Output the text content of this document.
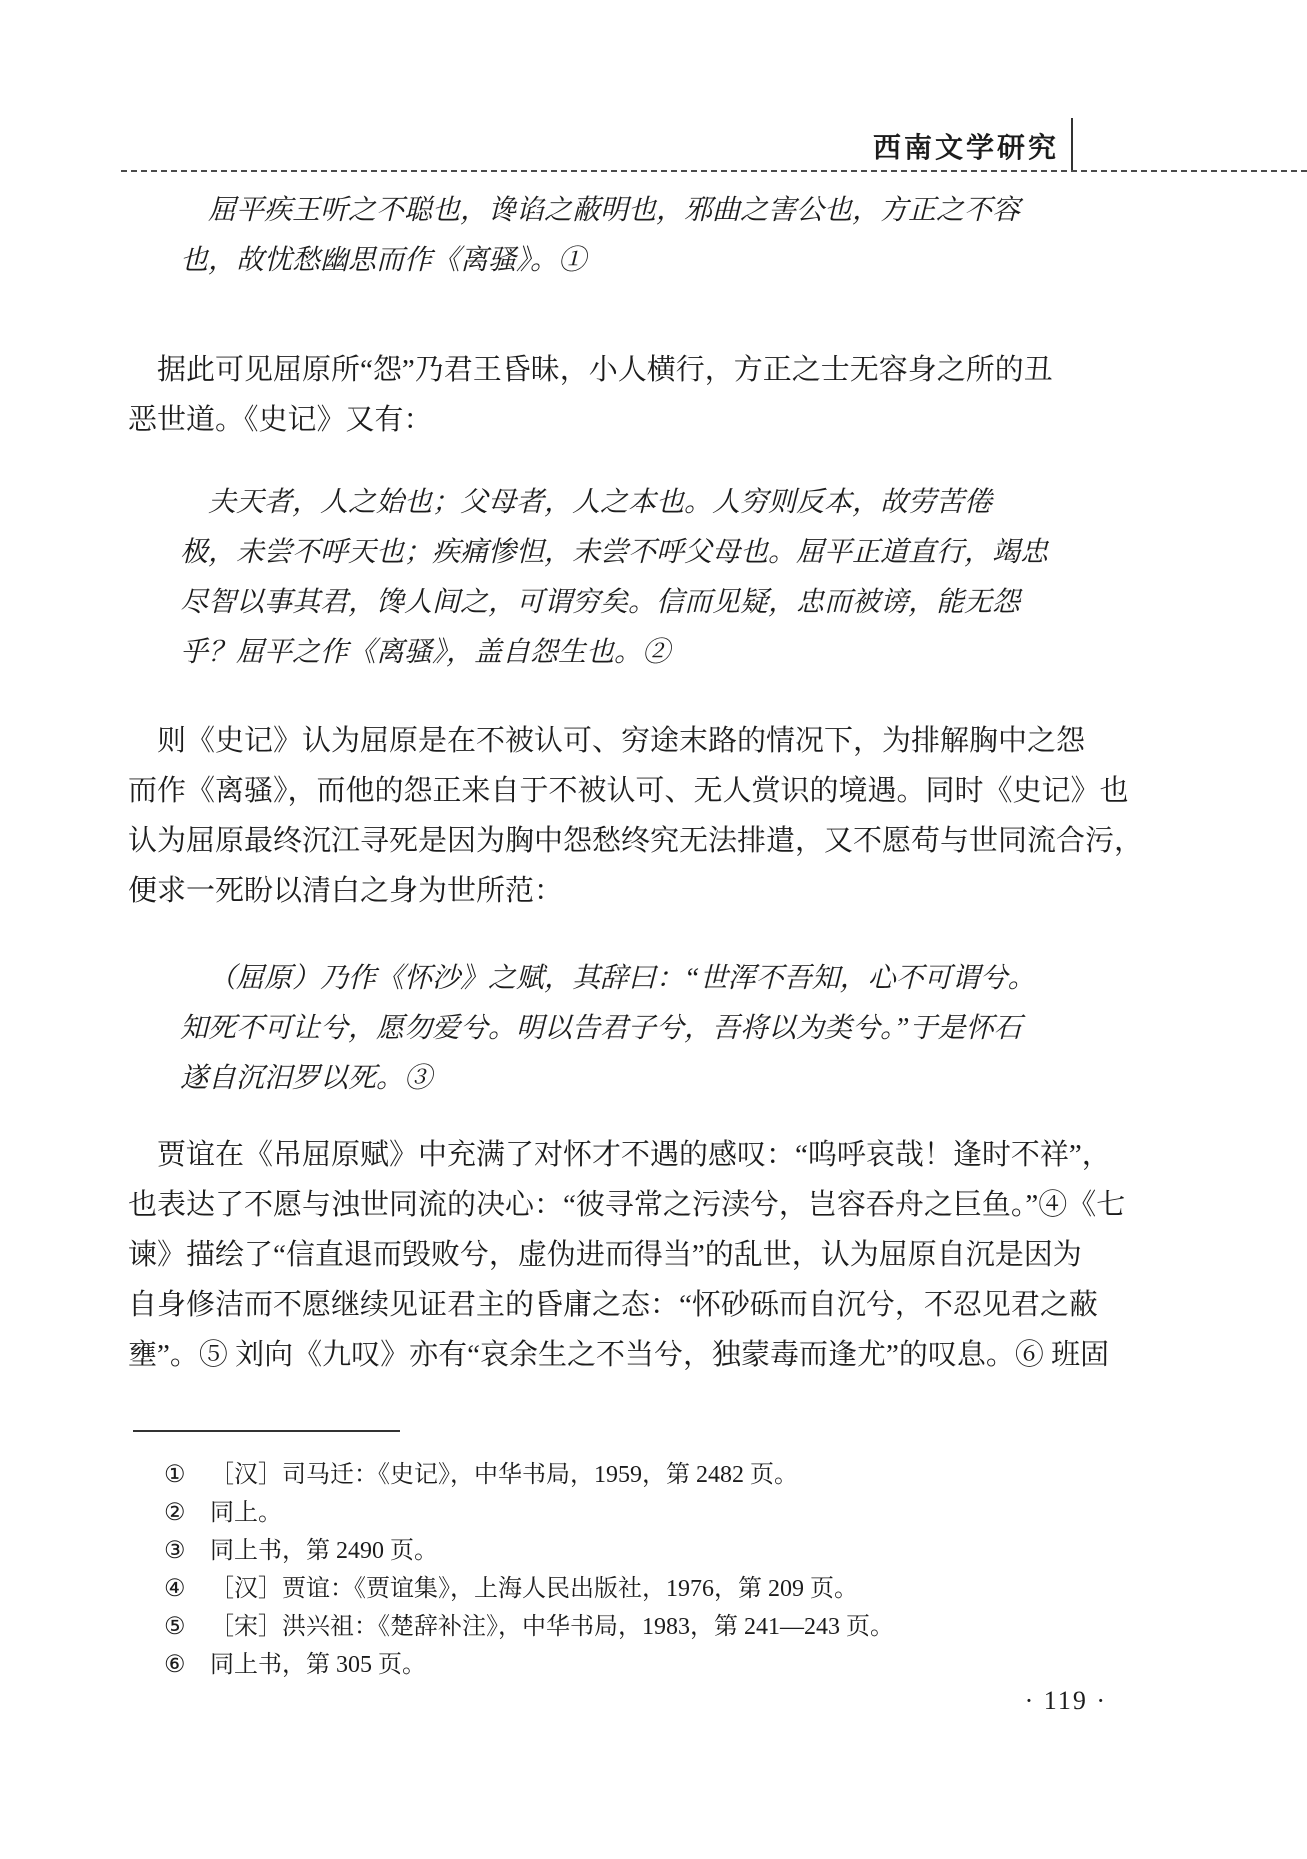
西南文学研究
屈平疾王听之不聪也，谗谄之蔽明也，邪曲之害公也，方正之不容
也，故忧愁幽思而作《离骚》。①
据此可见屈原所“怨”乃君王昏昧，小人横行，方正之士无容身之所的丑
恶世道。《史记》又有：
夫天者，人之始也；父母者，人之本也。人穷则反本，故劳苦倦
极，未尝不呼天也；疾痛惨怛，未尝不呼父母也。屈平正道直行，竭忠
尽智以事其君，馋人间之，可谓穷矣。信而见疑，忠而被谤，能无怨
乎？屈平之作《离骚》，盖自怨生也。②
则《史记》认为屈原是在不被认可、穷途末路的情况下，为排解胸中之怨
而作《离骚》，而他的怨正来自于不被认可、无人赏识的境遇。同时《史记》也
认为屈原最终沉江寻死是因为胸中怨愁终究无法排遣，又不愿苟与世同流合污，
便求一死盼以清白之身为世所范：
（屈原）乃作《怀沙》之赋，其辞曰：“世浑不吾知，心不可谓兮。
知死不可让兮，愿勿爱兮。明以告君子兮，吾将以为类兮。”于是怀石
遂自沉汨罗以死。③
贾谊在《吊屈原赋》中充满了对怀才不遇的感叹：“呜呼哀哉！逢时不祥”，
也表达了不愿与浊世同流的决心：“彼寻常之污渎兮，岂容吞舟之巨鱼。”④《七
谏》描绘了“信直退而毁败兮，虚伪进而得当”的乱世，认为屈原自沉是因为
自身修洁而不愿继续见证君主的昏庸之态：“怀砂砾而自沉兮，不忍见君之蔽
壅”。⑤ 刘向《九叹》亦有“哀余生之不当兮，独蒙毒而逢尤”的叹息。⑥ 班固
①	［汉］司马迁：《史记》，中华书局，1959，第 2482 页。
②	同上。
③	同上书，第 2490 页。
④	［汉］贾谊：《贾谊集》，上海人民出版社，1976，第 209 页。
⑤	［宋］洪兴祖：《楚辞补注》，中华书局，1983，第 241—243 页。
⑥	同上书，第 305 页。
· 119 ·
